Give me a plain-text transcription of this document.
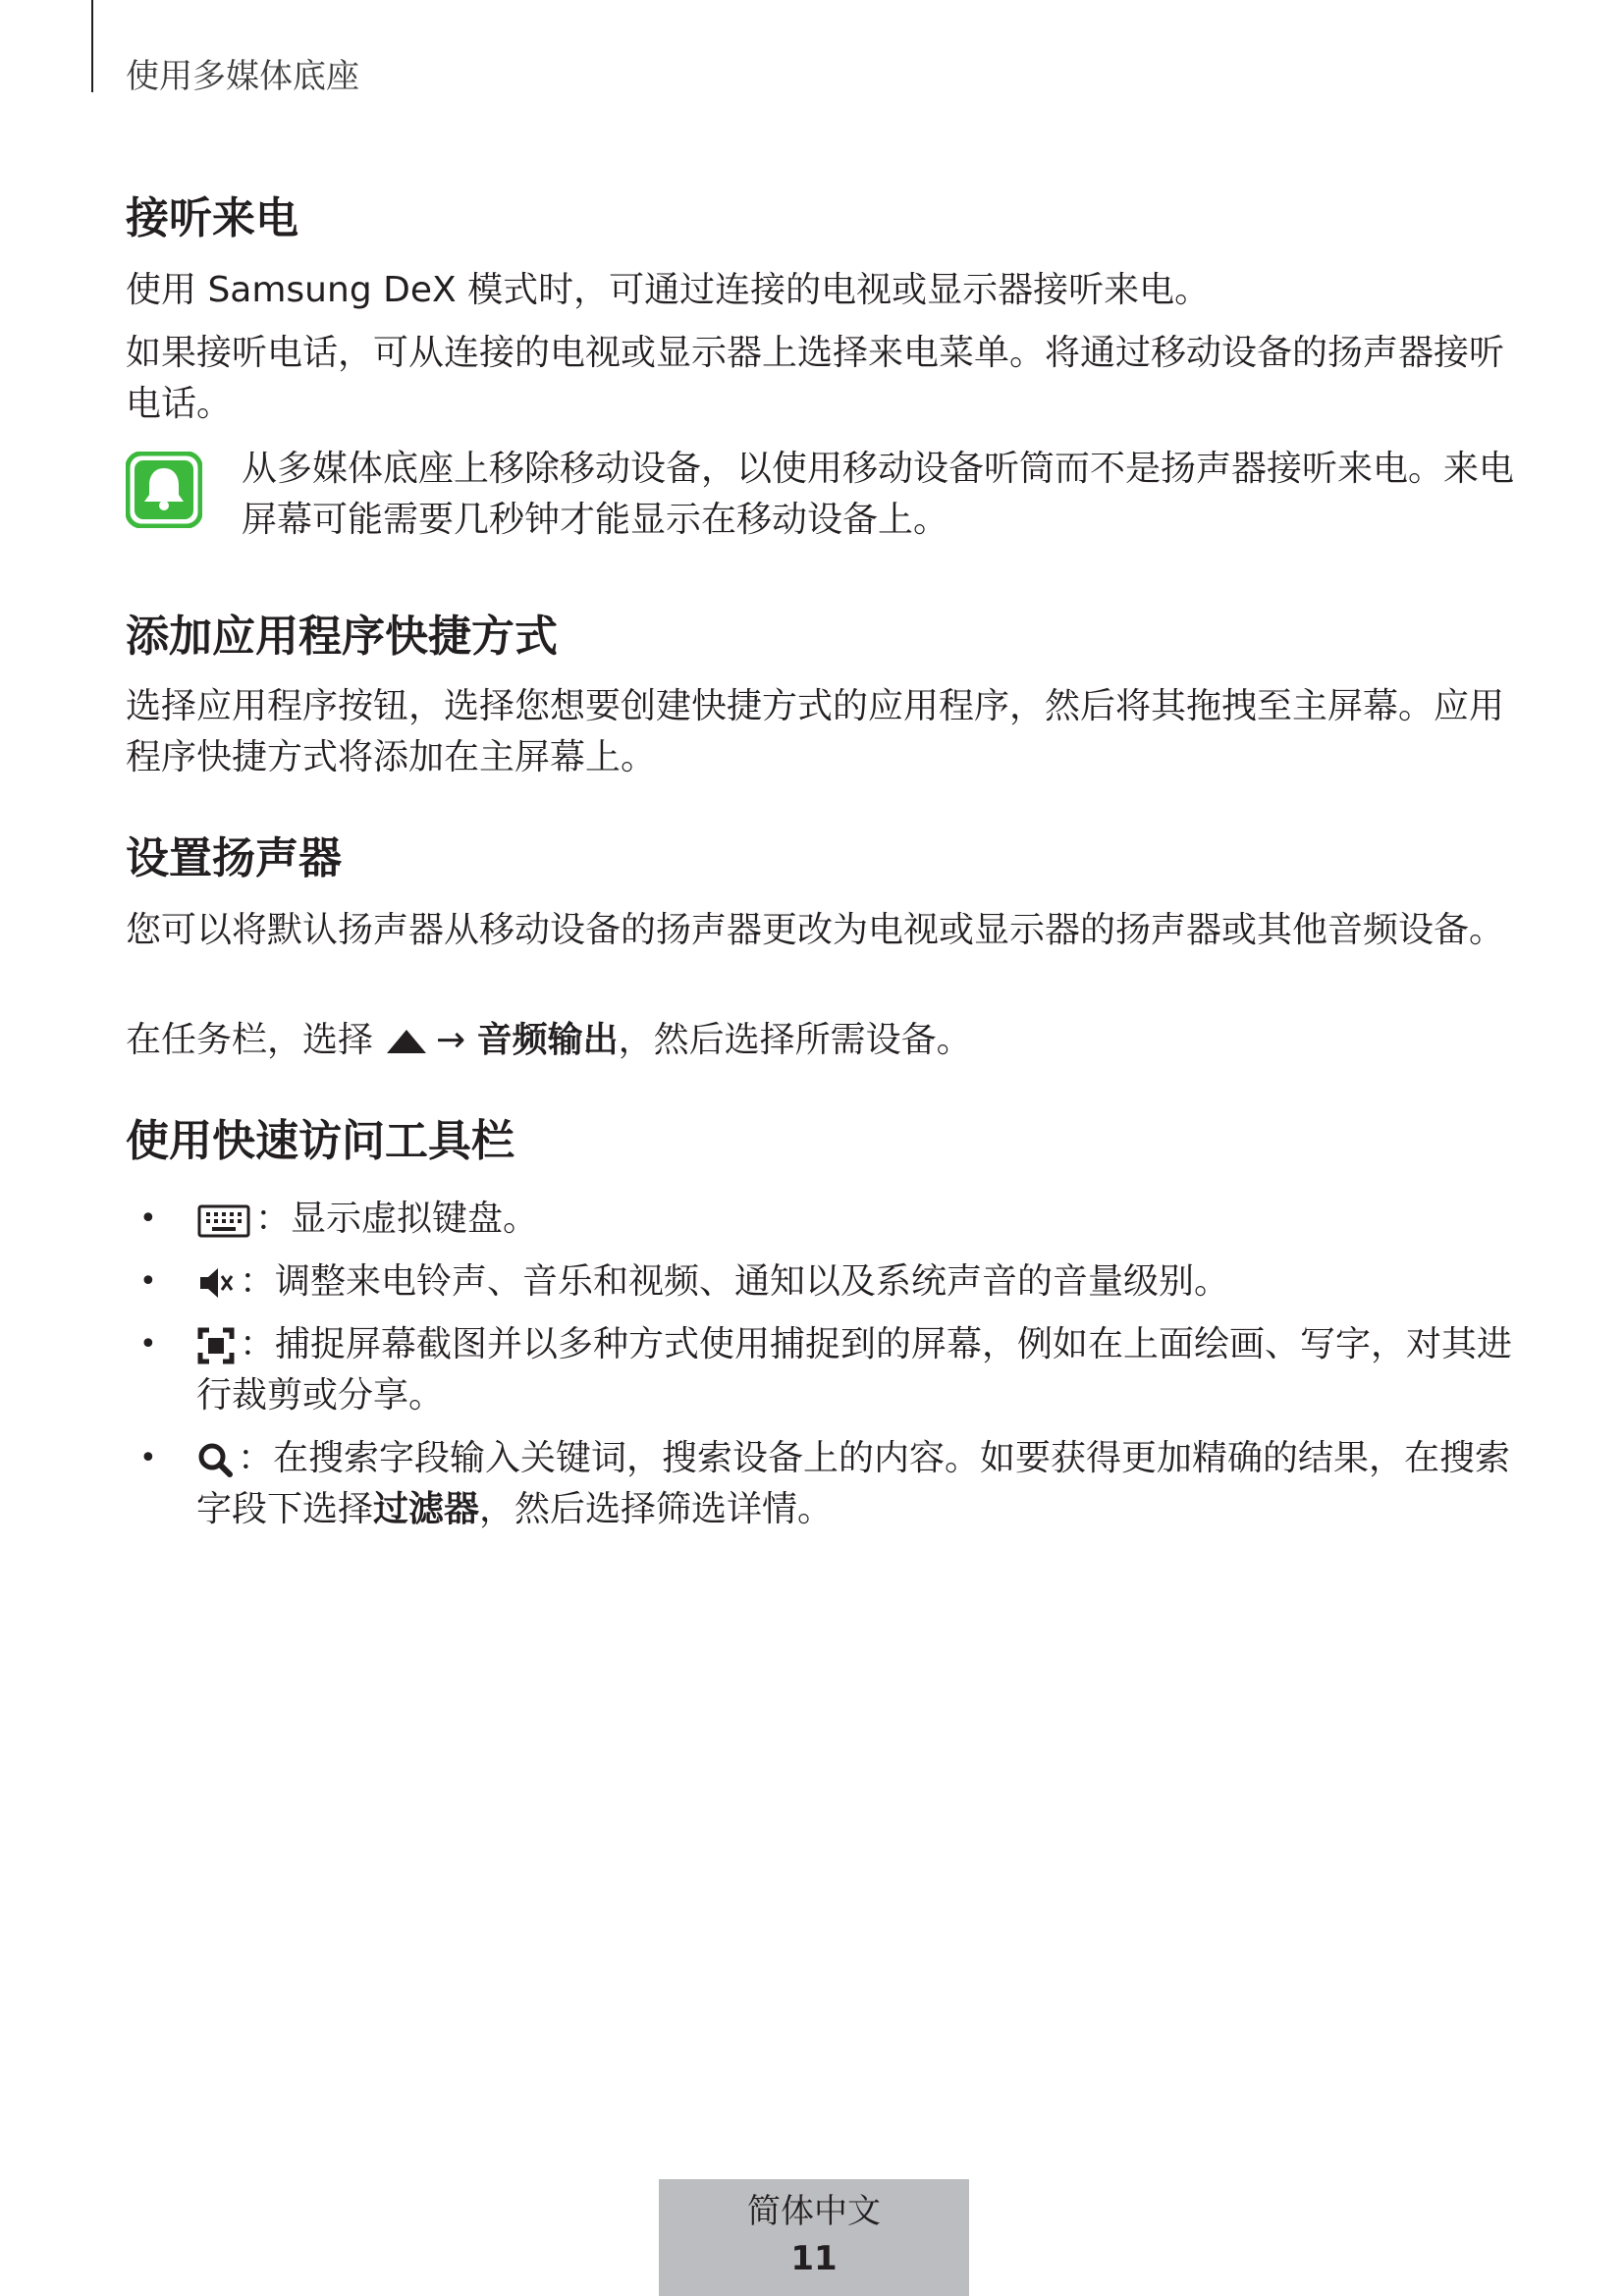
使用多媒体底座
接听来电

使用 Samsung DeX 模式时，可通过连接的电视或显示器接听来电。

如果接听电话，可从连接的电视或显示器上选择来电菜单。将通过移动设备的扬声器接听电话。

从多媒体底座上移除移动设备，以使用移动设备听筒而不是扬声器接听来电。来电屏幕可能需要几秒钟才能显示在移动设备上。
添加应用程序快捷方式

选择应用程序按钮，选择您想要创建快捷方式的应用程序，然后将其拖拽至主屏幕。应用程序快捷方式将添加在主屏幕上。

设置扬声器

您可以将默认扬声器从移动设备的扬声器更改为电视或显示器的扬声器或其他音频设备。

在任务栏，选择 → 音频输出，然后选择所需设备。

使用快速访问工具栏
•	：显示虚拟键盘。
•	：调整来电铃声、音乐和视频、通知以及系统声音的音量级别。
•	：捕捉屏幕截图并以多种方式使用捕捉到的屏幕，例如在上面绘画、写字，对其进行裁剪或分享。
•	：在搜索字段输入关键词，搜索设备上的内容。如要获得更加精确的结果，在搜索字段下选择过滤器，然后选择筛选详情。
简体中文
11
